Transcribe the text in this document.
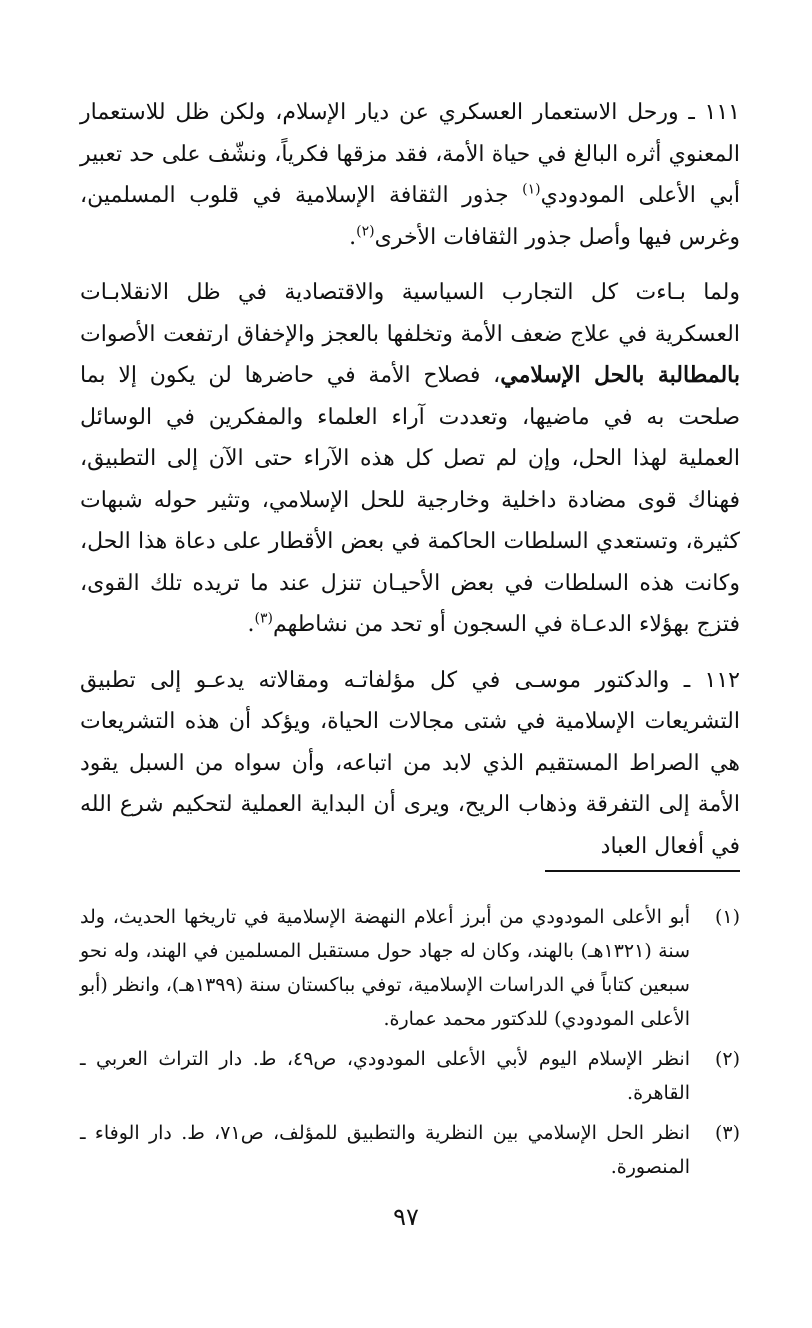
١١١ ـ ورحل الاستعمار العسكري عن ديار الإسلام، ولكن ظل للاستعمار المعنوي أثره البالغ في حياة الأمة، فقد مزقها فكرياً، ونشّف على حد تعبير أبي الأعلى المودودي$^{(١)}$ جذور الثقافة الإسلامية في قلوب المسلمين، وغرس فيها وأصل جذور الثقافات الأخرى$^{(٢)}$.

ولما بـاءت كل التجارب السياسية والاقتصادية في ظل الانقلابـات العسكرية في علاج ضعف الأمة وتخلفها بالعجز والإخفاق ارتفعت الأصوات بالمطالبة بالحل الإسلامي، فصلاح الأمة في حاضرها لن يكون إلا بما صلحت به في ماضيها، وتعددت آراء العلماء والمفكرين في الوسائل العملية لهذا الحل، وإن لم تصل كل هذه الآراء حتى الآن إلى التطبيق، فهناك قوى مضادة داخلية وخارجية للحل الإسلامي، وتثير حوله شبهات كثيرة، وتستعدي السلطات الحاكمة في بعض الأقطار على دعاة هذا الحل، وكانت هذه السلطات في بعض الأحيـان تنزل عند ما تريده تلك القوى، فتزج بهؤلاء الدعـاة في السجون أو تحد من نشاطهم$^{(٣)}$.

١١٢ ـ والدكتور موسـى في كل مؤلفاتـه ومقالاته يدعـو إلى تطبيق التشريعات الإسلامية في شتى مجالات الحياة، ويؤكد أن هذه التشريعات هي الصراط المستقيم الذي لابد من اتباعه، وأن سواه من السبل يقود الأمة إلى التفرقة وذهاب الريح، ويرى أن البداية العملية لتحكيم شرع الله في أفعال العباد

(١)
أبو الأعلى المودودي من أبرز أعلام النهضة الإسلامية في تاريخها الحديث، ولد سنة (١٣٢١هـ) بالهند، وكان له جهاد حول مستقبل المسلمين في الهند، وله نحو سبعين كتاباً في الدراسات الإسلامية، توفي بباكستان سنة (١٣٩٩هـ)، وانظر (أبو الأعلى المودودي) للدكتور محمد عمارة.
(٢)
انظر الإسلام اليوم لأبي الأعلى المودودي، ص٤٩، ط. دار التراث العربي ـ القاهرة.
(٣)
انظر الحل الإسلامي بين النظرية والتطبيق للمؤلف، ص٧١، ط. دار الوفاء ـ المنصورة.
٩٧
